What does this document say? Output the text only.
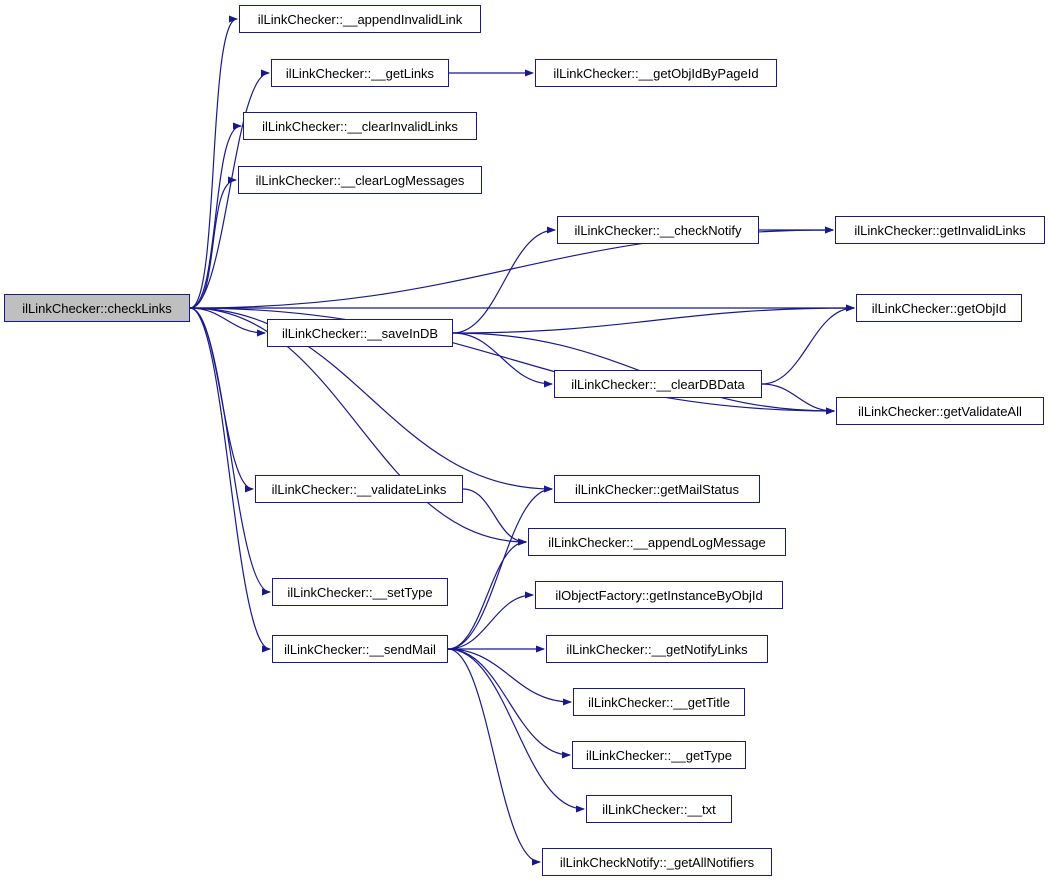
ilLinkChecker::checkLinks
ilLinkChecker::__appendInvalidLink
ilLinkChecker::__getLinks
ilLinkChecker::__clearInvalidLinks
ilLinkChecker::__clearLogMessages
ilLinkChecker::__getObjIdByPageId
ilLinkChecker::__checkNotify	ilLinkChecker::getInvalidLinks
ilLinkChecker::__saveInDB
ilLinkChecker::getObjId
ilLinkChecker::__clearDBData
ilLinkChecker::getValidateAll
ilLinkChecker::__validateLinks	ilLinkChecker::getMailStatus
ilLinkChecker::__appendLogMessage
ilLinkChecker::__setType	ilObjectFactory::getInstanceByObjId
ilLinkChecker::__sendMail	ilLinkChecker::__getNotifyLinks
ilLinkChecker::__getTitle
ilLinkChecker::__getType
ilLinkChecker::__txt
ilLinkCheckNotify::_getAllNotifiers
